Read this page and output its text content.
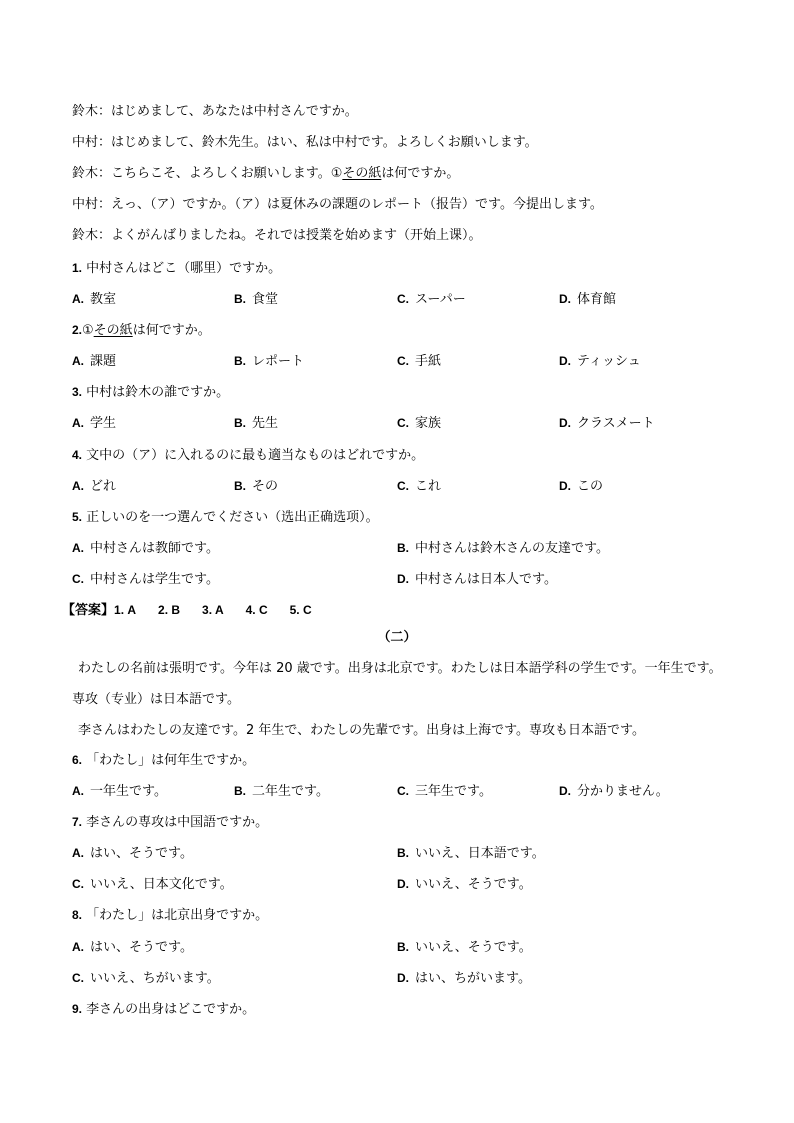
鈴木：はじめまして、あなたは中村さんですか。
中村：はじめまして、鈴木先生。はい、私は中村です。よろしくお願いします。
鈴木：こちらこそ、よろしくお願いします。①その紙は何ですか。
中村：えっ、（ア）ですか。（ア）は夏休みの課題のレポート（报告）です。今提出します。
鈴木：よくがんばりましたね。それでは授業を始めます（开始上课）。
1. 中村さんはどこ（哪里）ですか。
A. 教室	B. 食堂	C. スーパー	D. 体育館
2.①その紙は何ですか。
A. 課題	B. レポート	C. 手紙	D. ティッシュ
3. 中村は鈴木の誰ですか。
A. 学生	B. 先生	C. 家族	D. クラスメート
4. 文中の（ア）に入れるのに最も適当なものはどれですか。
A. どれ	B. その	C. これ	D. この
5. 正しいのを一つ選んでください（选出正确选项）。
A. 中村さんは教師です。	B. 中村さんは鈴木さんの友達です。
C. 中村さんは学生です。	D. 中村さんは日本人です。
【答案】1. A 2. B 3. A 4. C 5. C
（二）
わたしの名前は張明です。今年は 20 歳です。出身は北京です。わたしは日本語学科の学生です。一年生です。専攻（专业）は日本語です。
李さんはわたしの友達です。2 年生で、わたしの先輩です。出身は上海です。専攻も日本語です。
6. 「わたし」は何年生ですか。
A. 一年生です。	B. 二年生です。	C. 三年生です。	D. 分かりません。
7. 李さんの専攻は中国語ですか。
A. はい、そうです。	B. いいえ、日本語です。
C. いいえ、日本文化です。	D. いいえ、そうです。
8. 「わたし」は北京出身ですか。
A. はい、そうです。	B. いいえ、そうです。
C. いいえ、ちがいます。	D. はい、ちがいます。
9. 李さんの出身はどこですか。
